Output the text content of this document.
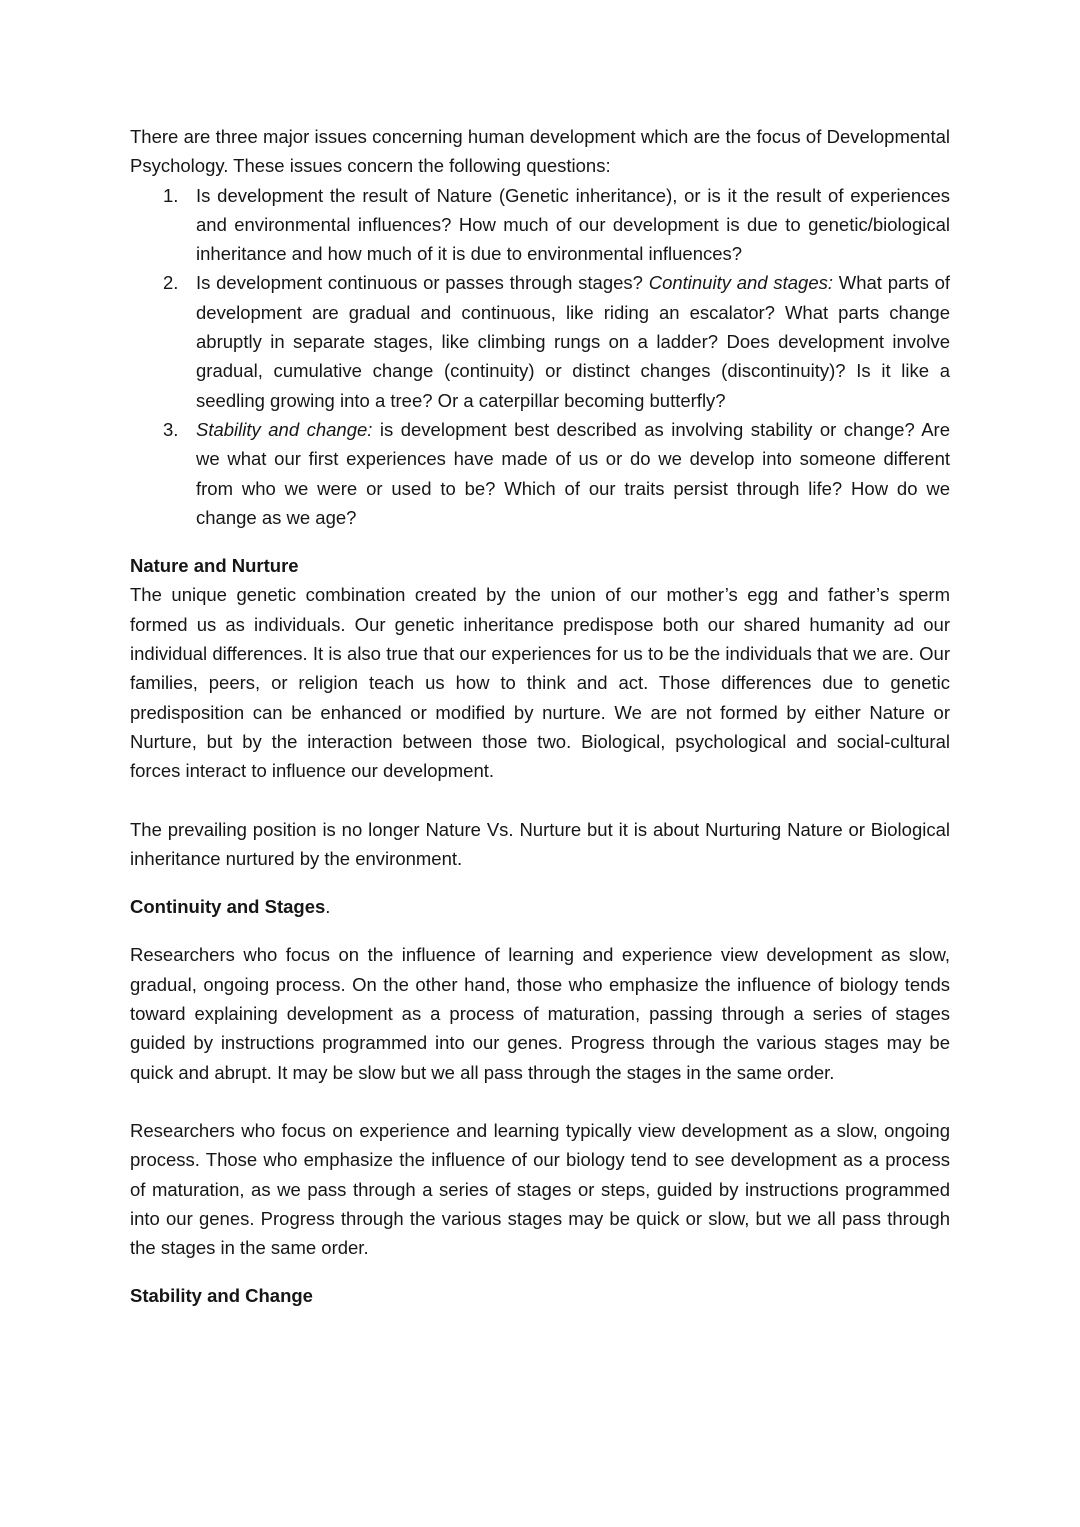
There are three major issues concerning human development which are the focus of Developmental Psychology. These issues concern the following questions:

1. Is development the result of Nature (Genetic inheritance), or is it the result of experiences and environmental influences? How much of our development is due to genetic/biological inheritance and how much of it is due to environmental influences?
2. Is development continuous or passes through stages? Continuity and stages: What parts of development are gradual and continuous, like riding an escalator? What parts change abruptly in separate stages, like climbing rungs on a ladder? Does development involve gradual, cumulative change (continuity) or distinct changes (discontinuity)? Is it like a seedling growing into a tree? Or a caterpillar becoming butterfly?
3. Stability and change: is development best described as involving stability or change? Are we what our first experiences have made of us or do we develop into someone different from who we were or used to be? Which of our traits persist through life? How do we change as we age?

Nature and Nurture

The unique genetic combination created by the union of our mother’s egg and father’s sperm formed us as individuals. Our genetic inheritance predispose both our shared humanity ad our individual differences. It is also true that our experiences for us to be the individuals that we are. Our families, peers, or religion teach us how to think and act. Those differences due to genetic predisposition can be enhanced or modified by nurture. We are not formed by either Nature or Nurture, but by the interaction between those two. Biological, psychological and social-cultural forces interact to influence our development.

The prevailing position is no longer Nature Vs. Nurture but it is about Nurturing Nature or Biological inheritance nurtured by the environment.

Continuity and Stages.

Researchers who focus on the influence of learning and experience view development as slow, gradual, ongoing process. On the other hand, those who emphasize the influence of biology tends toward explaining development as a process of maturation, passing through a series of stages guided by instructions programmed into our genes. Progress through the various stages may be quick and abrupt. It may be slow but we all pass through the stages in the same order.

Researchers who focus on experience and learning typically view development as a slow, ongoing process. Those who emphasize the influence of our biology tend to see development as a process of maturation, as we pass through a series of stages or steps, guided by instructions programmed into our genes. Progress through the various stages may be quick or slow, but we all pass through the stages in the same order.

Stability and Change
